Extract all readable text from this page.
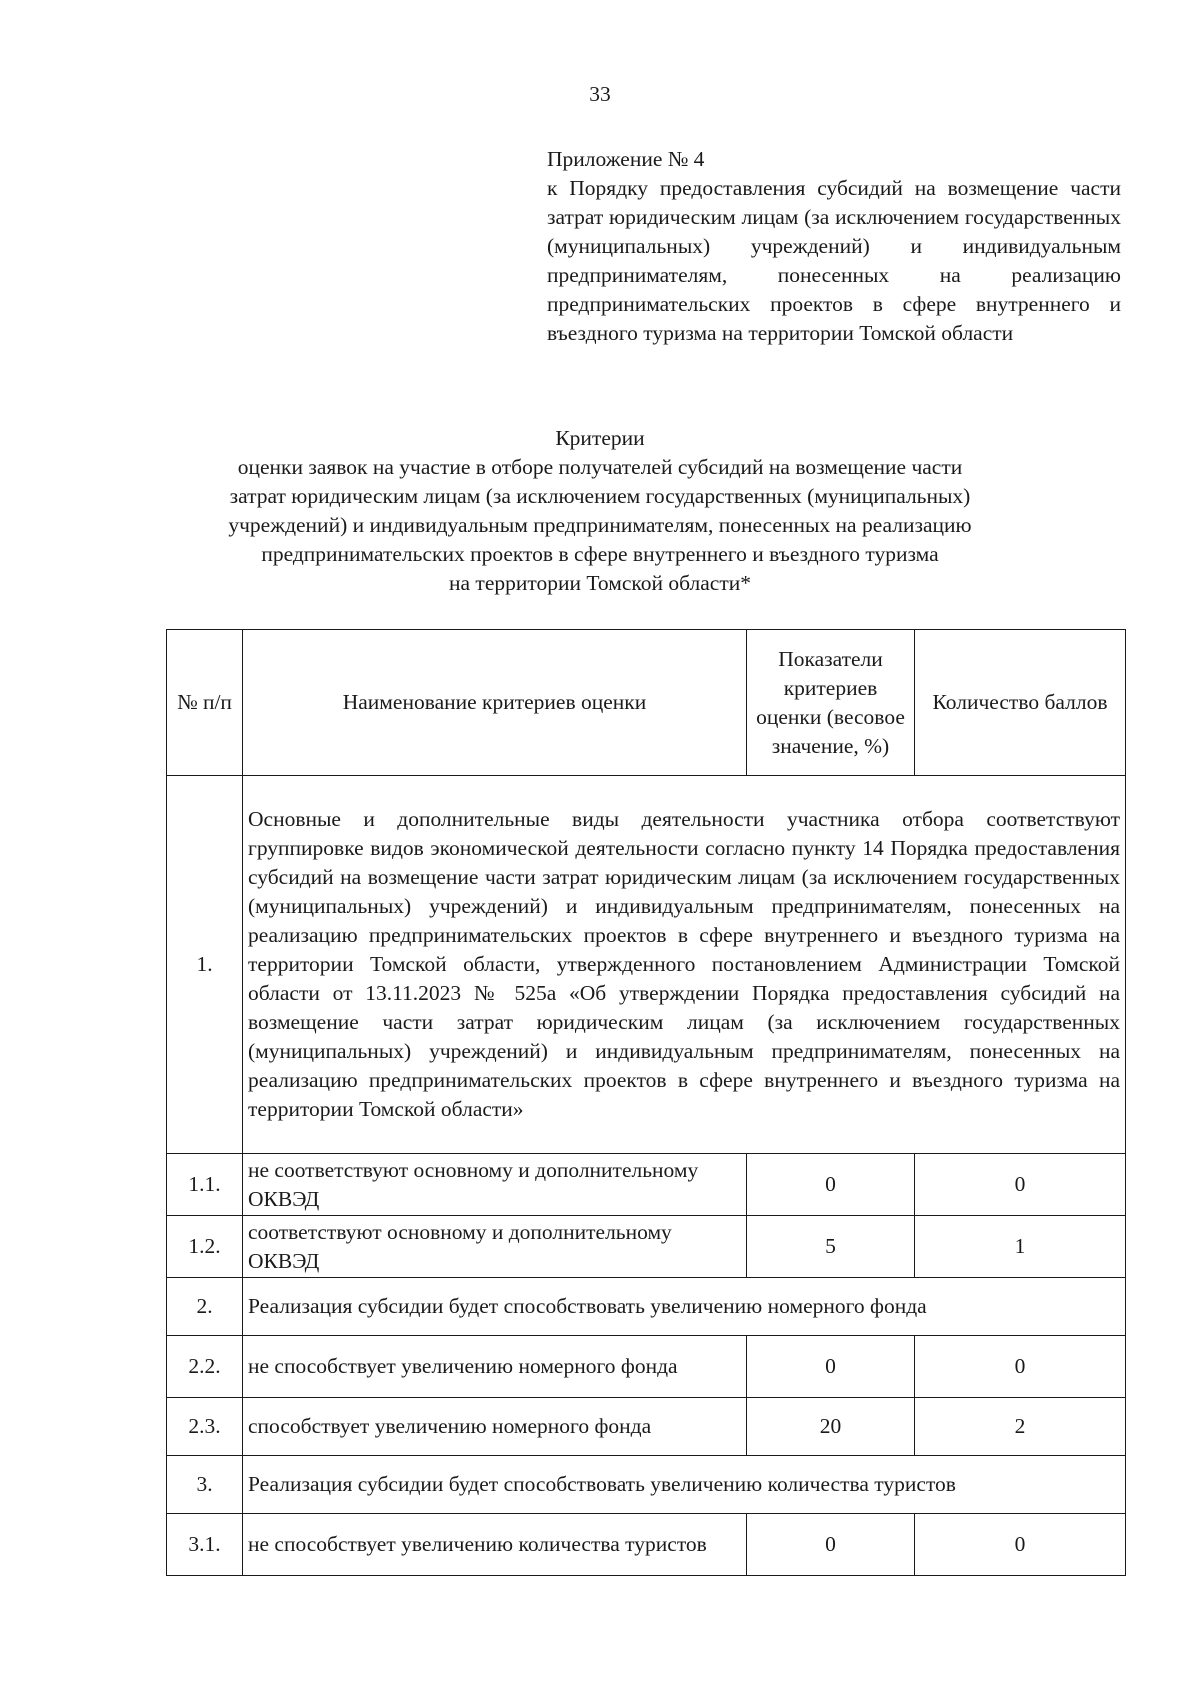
33
Приложение № 4
к Порядку предоставления субсидий на возмещение части затрат юридическим лицам (за исключением государственных (муниципальных) учреждений) и индивидуальным предпринимателям, понесенных на реализацию предпринимательских проектов в сфере внутреннего и въездного туризма на территории Томской области
Критерии
оценки заявок на участие в отборе получателей субсидий на возмещение части
затрат юридическим лицам (за исключением государственных (муниципальных)
учреждений) и индивидуальным предпринимателям, понесенных на реализацию
предпринимательских проектов в сфере внутреннего и въездного туризма
на территории Томской области*
№ п/п	Наименование критериев оценки	Показатели критериев оценки (весовое значение, %)	Количество баллов
1.	Основные и дополнительные виды деятельности участника отбора соответствуют группировке видов экономической деятельности согласно пункту 14 Порядка предоставления субсидий на возмещение части затрат юридическим лицам (за исключением государственных (муниципальных) учреждений) и индивидуальным предпринимателям, понесенных на реализацию предпринимательских проектов в сфере внутреннего и въездного туризма на территории Томской области, утвержденного постановлением Администрации Томской области от 13.11.2023 № 525а «Об утверждении Порядка предоставления субсидий на возмещение части затрат юридическим лицам (за исключением государственных (муниципальных) учреждений) и индивидуальным предпринимателям, понесенных на реализацию предпринимательских проектов в сфере внутреннего и въездного туризма на территории Томской области»		
1.1.	не соответствуют основному и дополнительному ОКВЭД	0	0
1.2.	соответствуют основному и дополнительному ОКВЭД	5	1
2.	Реализация субсидии будет способствовать увеличению номерного фонда		
2.2.	не способствует увеличению номерного фонда	0	0
2.3.	способствует увеличению номерного фонда	20	2
3.	Реализация субсидии будет способствовать увеличению количества туристов		
3.1.	не способствует увеличению количества туристов	0	0
